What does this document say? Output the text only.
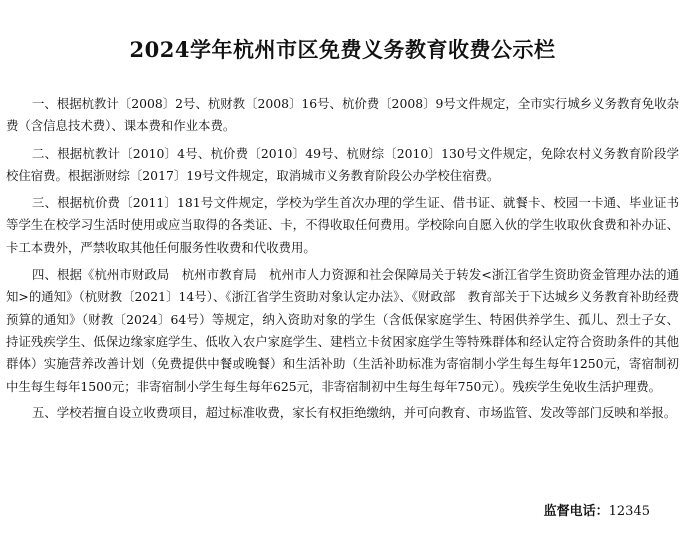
2024学年杭州市区免费义务教育收费公示栏

一、根据杭教计〔2008〕2号、杭财教〔2008〕16号、杭价费〔2008〕9号文件规定，全市实行城乡义务教育免收杂费（含信息技术费）、课本费和作业本费。

二、根据杭教计〔2010〕4号、杭价费〔2010〕49号、杭财综〔2010〕130号文件规定，免除农村义务教育阶段学校住宿费。根据浙财综〔2017〕19号文件规定，取消城市义务教育阶段公办学校住宿费。

三、根据杭价费〔2011〕181号文件规定，学校为学生首次办理的学生证、借书证、就餐卡、校园一卡通、毕业证书等学生在校学习生活时使用或应当取得的各类证、卡，不得收取任何费用。学校除向自愿入伙的学生收取伙食费和补办证、卡工本费外，严禁收取其他任何服务性收费和代收费用。

四、根据《杭州市财政局　杭州市教育局　杭州市人力资源和社会保障局关于转发<浙江省学生资助资金管理办法的通知>的通知》（杭财教〔2021〕14号）、《浙江省学生资助对象认定办法》、《财政部　教育部关于下达城乡义务教育补助经费预算的通知》（财教〔2024〕64号）等规定，纳入资助对象的学生（含低保家庭学生、特困供养学生、孤儿、烈士子女、持证残疾学生、低保边缘家庭学生、低收入农户家庭学生、建档立卡贫困家庭学生等特殊群体和经认定符合资助条件的其他群体）实施营养改善计划（免费提供中餐或晚餐）和生活补助（生活补助标准为寄宿制小学生每生每年1250元，寄宿制初中生每生每年1500元；非寄宿制小学生每生每年625元，非寄宿制初中生每生每年750元）。残疾学生免收生活护理费。

五、学校若擅自设立收费项目，超过标准收费，家长有权拒绝缴纳，并可向教育、市场监管、发改等部门反映和举报。

监督电话：12345
